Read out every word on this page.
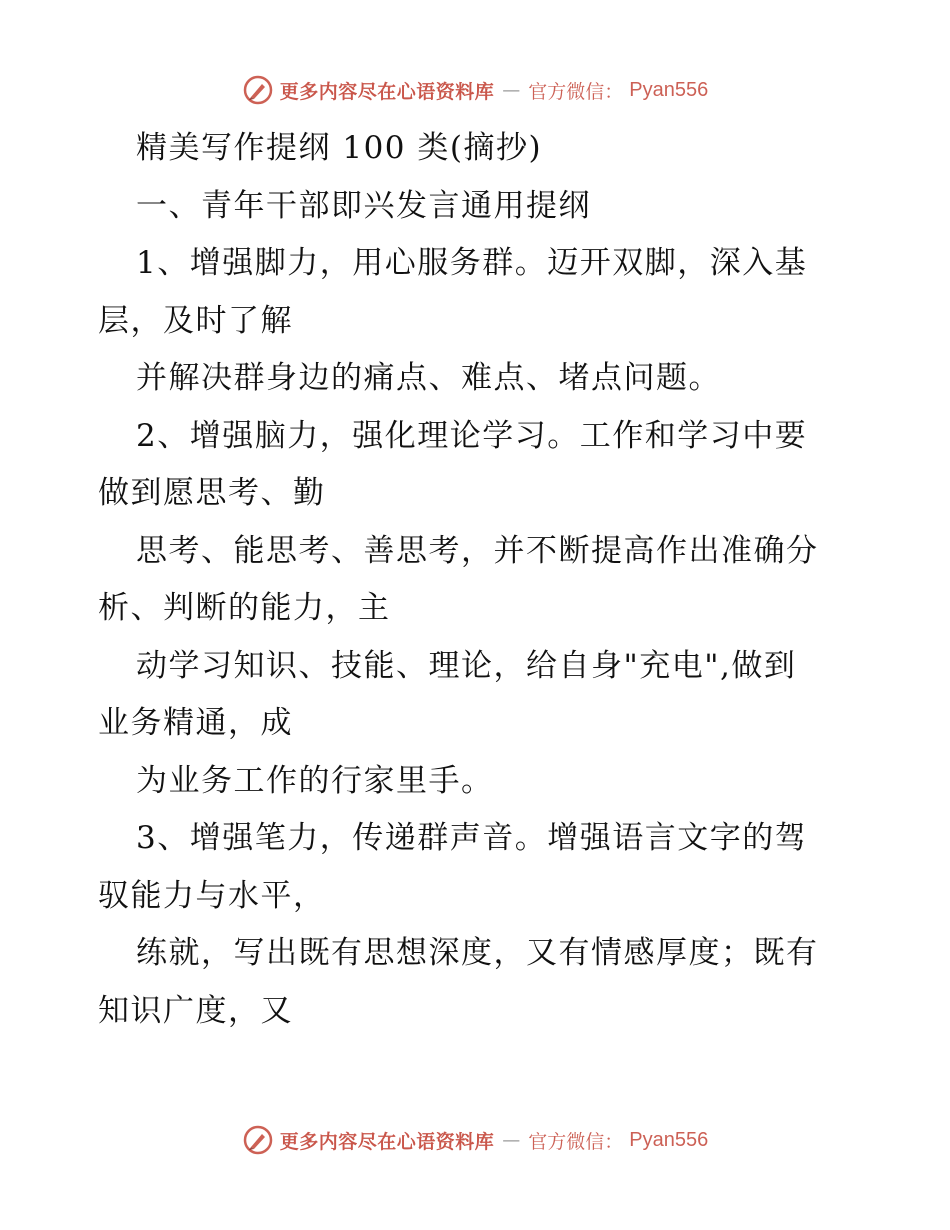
更多内容尽在心语资料库 — 官方微信： Pyan556
精美写作提纲 100 类(摘抄)
一、青年干部即兴发言通用提纲
1、增强脚力，用心服务群。迈开双脚，深入基
层，及时了解
并解决群身边的痛点、难点、堵点问题。
2、增强脑力，强化理论学习。工作和学习中要
做到愿思考、勤
思考、能思考、善思考，并不断提高作出准确分
析、判断的能力，主
动学习知识、技能、理论，给自身"充电",做到
业务精通，成
为业务工作的行家里手。
3、增强笔力，传递群声音。增强语言文字的驾
驭能力与水平，
练就，写出既有思想深度，又有情感厚度；既有
知识广度，又
更多内容尽在心语资料库 — 官方微信： Pyan556
